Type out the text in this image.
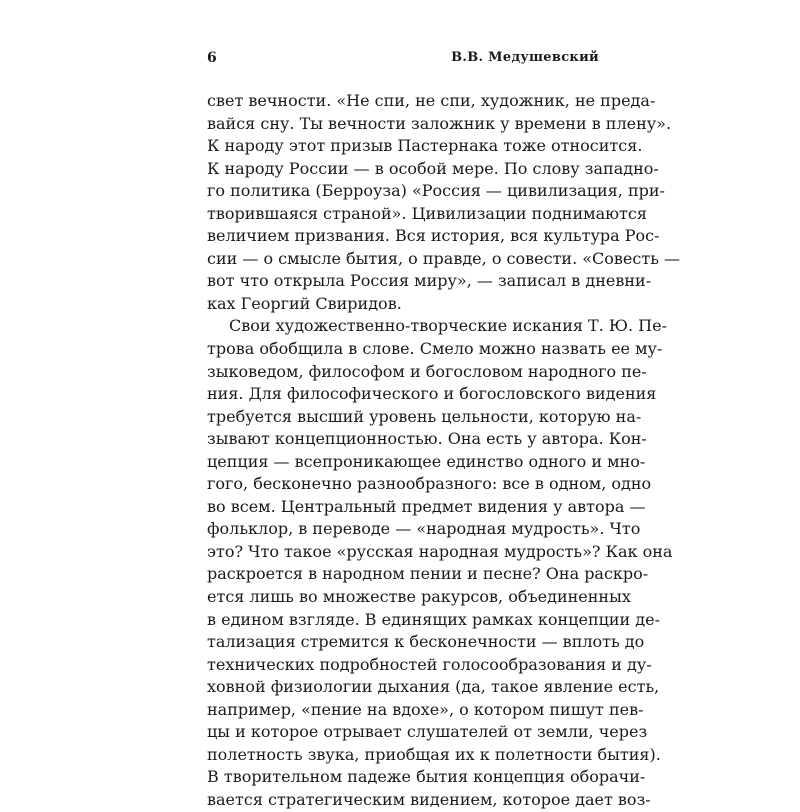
6	В.В. Медушевский
свет вечности. «Не спи, не спи, художник, не преда-
вайся сну. Ты вечности заложник у времени в плену».
К народу этот призыв Пастернака тоже относится.
К народу России — в особой мере. По слову западно-
го политика (Берроуза) «Россия — цивилизация, при-
творившаяся страной». Цивилизации поднимаются
величием призвания. Вся история, вся культура Рос-
сии — о смысле бытия, о правде, о совести. «Совесть —
вот что открыла Россия миру», — записал в дневни-
ках Георгий Свиридов.
Свои художественно-творческие искания Т. Ю. Пе-
трова обобщила в слове. Смело можно назвать ее му-
зыковедом, философом и богословом народного пе-
ния. Для философического и богословского видения
требуется высший уровень цельности, которую на-
зывают концепционностью. Она есть у автора. Кон-
цепция — всепроникающее единство одного и мно-
гого, бесконечно разнообразного: все в одном, одно
во всем. Центральный предмет видения у автора —
фольклор, в переводе — «народная мудрость». Что
это? Что такое «русская народная мудрость»? Как она
раскроется в народном пении и песне? Она раскро-
ется лишь во множестве ракурсов, объединенных
в едином взгляде. В единящих рамках концепции де-
тализация стремится к бесконечности — вплоть до
технических подробностей голосообразования и ду-
ховной физиологии дыхания (да, такое явление есть,
например, «пение на вдохе», о котором пишут пев-
цы и которое отрывает слушателей от земли, через
полетность звука, приобщая их к полетности бытия).
В творительном падеже бытия концепция оборачи-
вается стратегическим видением, которое дает воз-
